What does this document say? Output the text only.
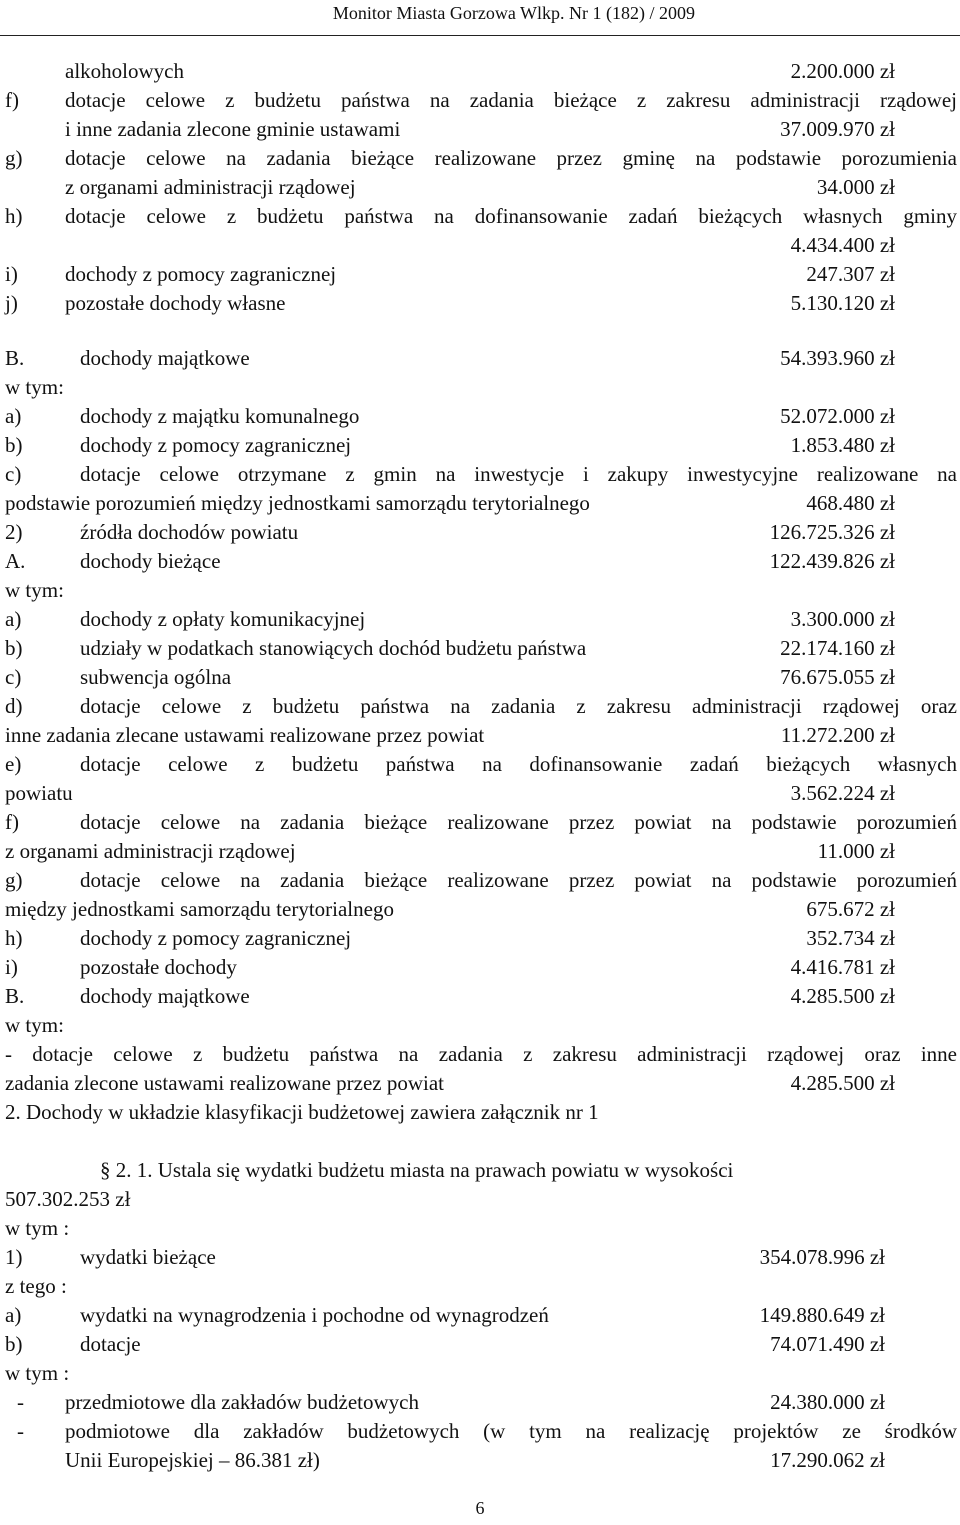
Monitor Miasta Gorzowa Wlkp. Nr 1 (182) / 2009
alkoholowych	2.200.000 zł
f) dotacje celowe z budżetu państwa na zadania bieżące z zakresu administracji rządowej
i inne zadania zlecone gminie ustawami	37.009.970 zł
g) dotacje celowe na zadania bieżące realizowane przez gminę na podstawie porozumienia
z organami administracji rządowej	34.000 zł
h) dotacje celowe z budżetu państwa na dofinansowanie zadań bieżących własnych gminy
4.434.400 zł
i) dochody z pomocy zagranicznej	247.307 zł
j) pozostałe dochody własne	5.130.120 zł
B.	dochody majątkowe	54.393.960 zł
w tym:
a)	dochody z majątku komunalnego	52.072.000 zł
b)	dochody z pomocy zagranicznej	1.853.480 zł
c)	dotacje celowe otrzymane z gmin na inwestycje i zakupy inwestycyjne realizowane na
podstawie porozumień między jednostkami samorządu terytorialnego	468.480 zł
2)	źródła dochodów powiatu	126.725.326 zł
A.	dochody bieżące	122.439.826 zł
w tym:
a)	dochody z opłaty komunikacyjnej	3.300.000 zł
b)	udziały w podatkach stanowiących dochód budżetu państwa	22.174.160 zł
c)	subwencja ogólna	76.675.055 zł
d)	dotacje celowe z budżetu państwa na zadania z zakresu administracji rządowej oraz
inne zadania zlecane ustawami realizowane przez powiat	11.272.200 zł
e)	dotacje celowe z budżetu państwa na dofinansowanie zadań bieżących własnych
powiatu	3.562.224 zł
f)	dotacje celowe na zadania bieżące realizowane przez powiat na podstawie porozumień
z organami administracji rządowej	11.000 zł
g)	dotacje celowe na zadania bieżące realizowane przez powiat na podstawie porozumień
między jednostkami samorządu terytorialnego	675.672 zł
h)	dochody z pomocy zagranicznej	352.734 zł
i)	pozostałe dochody	4.416.781 zł
B.	dochody majątkowe	4.285.500 zł
w tym:
- dotacje celowe z budżetu państwa na zadania z zakresu administracji rządowej oraz inne
zadania zlecone ustawami realizowane przez powiat	4.285.500 zł
2. Dochody w układzie klasyfikacji budżetowej zawiera załącznik nr 1
§ 2. 1. Ustala się wydatki budżetu miasta na prawach powiatu w wysokości
507.302.253 zł
w tym :
1)	wydatki bieżące	354.078.996 zł
z tego :
a)	wydatki na wynagrodzenia i pochodne od wynagrodzeń	149.880.649 zł
b)	dotacje	74.071.490 zł
w tym :
- przedmiotowe dla zakładów budżetowych	24.380.000 zł
- podmiotowe dla zakładów budżetowych (w tym na realizację projektów ze środków
Unii Europejskiej – 86.381 zł)	17.290.062 zł
6
